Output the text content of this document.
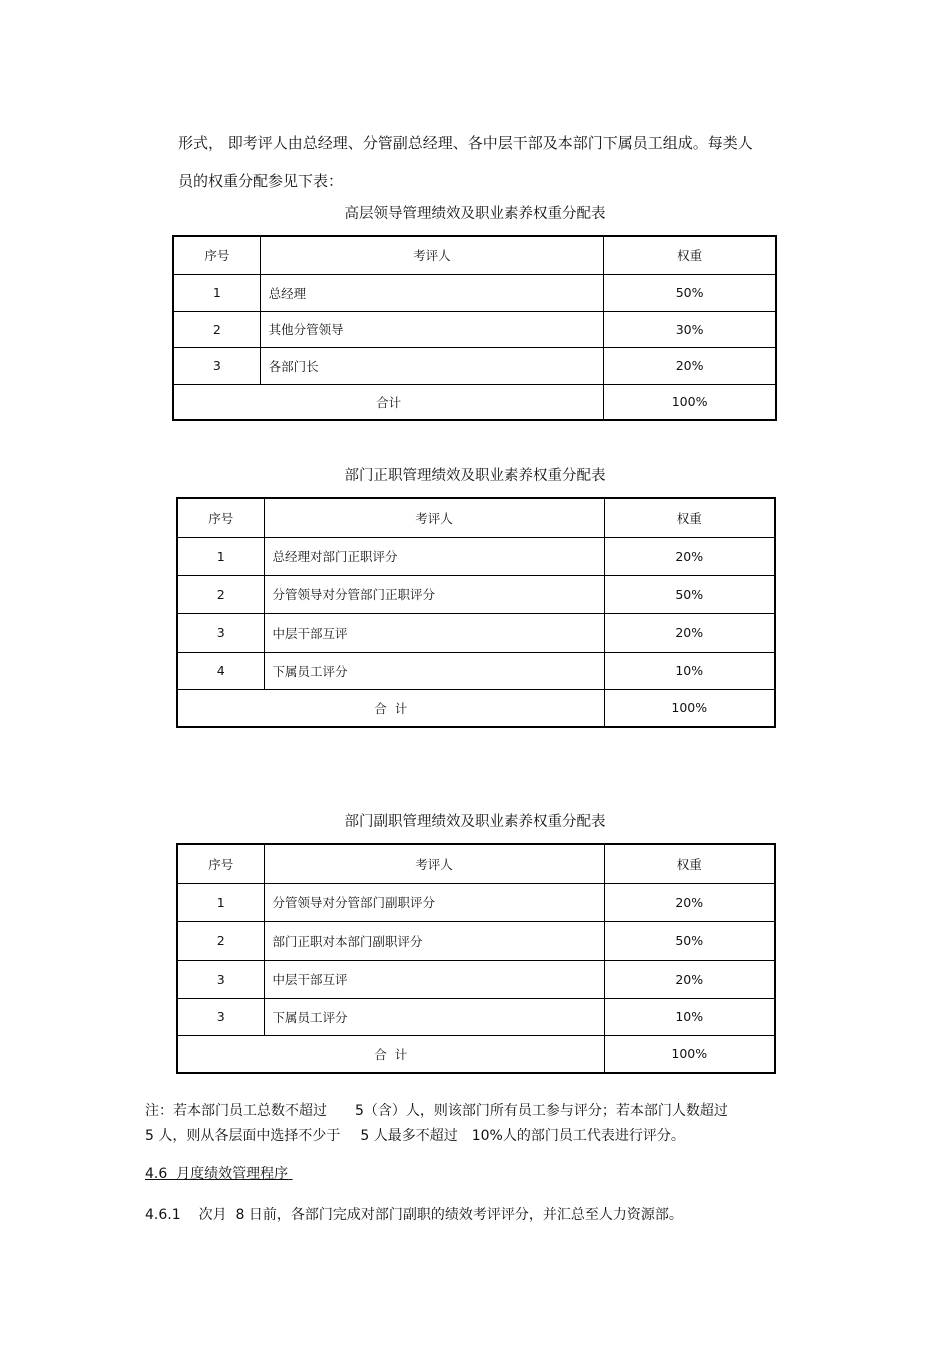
形式， 即考评人由总经理、分管副总经理、各中层干部及本部门下属员工组成。每类人
员的权重分配参见下表：
高层领导管理绩效及职业素养权重分配表
序号	考评人	权重
1	总经理	50%
2	其他分管领导	30%
3	各部门长	20%
合计		100%
部门正职管理绩效及职业素养权重分配表
序号	考评人	权重
1	总经理对部门正职评分	20%
2	分管领导对分管部门正职评分	50%
3	中层干部互评	20%
4	下属员工评分	10%
合  计		100%
部门副职管理绩效及职业素养权重分配表
序号	考评人	权重
1	分管领导对分管部门副职评分	20%
2	部门正职对本部门副职评分	50%
3	中层干部互评	20%
3	下属员工评分	10%
合  计		100%
注：若本部门员工总数不超过 5（含）人，则该部门所有员工参与评分；若本部门人数超过
5 人，则从各层面中选择不少于 5 人最多不超过 10%人的部门员工代表进行评分。
4.6  月度绩效管理程序
4.6.1 次月  8 日前，各部门完成对部门副职的绩效考评评分，并汇总至人力资源部。
